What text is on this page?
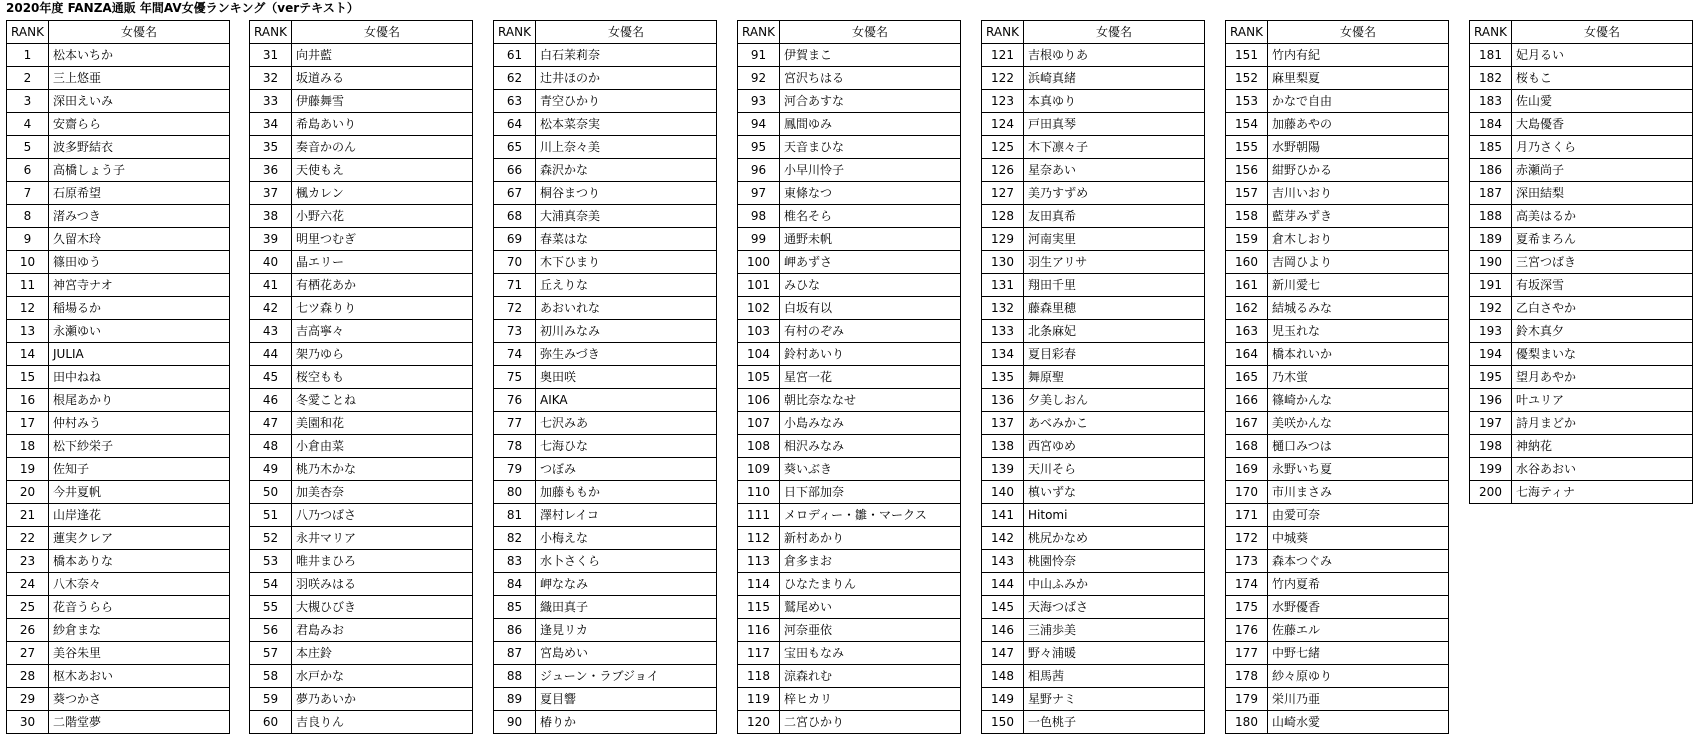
2020年度 FANZA通販 年間AV女優ランキング（verテキスト）
RANK	女優名
1	松本いちか
2	三上悠亜
3	深田えいみ
4	安齋らら
5	波多野結衣
6	高橋しょう子
7	石原希望
8	渚みつき
9	久留木玲
10	篠田ゆう
11	神宮寺ナオ
12	稲場るか
13	永瀬ゆい
14	JULIA
15	田中ねね
16	根尾あかり
17	仲村みう
18	松下紗栄子
19	佐知子
20	今井夏帆
21	山岸逢花
22	蓮実クレア
23	橋本ありな
24	八木奈々
25	花音うらら
26	紗倉まな
27	美谷朱里
28	枢木あおい
29	葵つかさ
30	二階堂夢
RANK	女優名
31	向井藍
32	坂道みる
33	伊藤舞雪
34	希島あいり
35	奏音かのん
36	天使もえ
37	楓カレン
38	小野六花
39	明里つむぎ
40	晶エリー
41	有栖花あか
42	七ツ森りり
43	吉高寧々
44	架乃ゆら
45	桜空もも
46	冬愛ことね
47	美園和花
48	小倉由菜
49	桃乃木かな
50	加美杏奈
51	八乃つばさ
52	永井マリア
53	唯井まひろ
54	羽咲みはる
55	大槻ひびき
56	君島みお
57	本庄鈴
58	水戸かな
59	夢乃あいか
60	吉良りん
RANK	女優名
61	白石茉莉奈
62	辻井ほのか
63	青空ひかり
64	松本菜奈実
65	川上奈々美
66	森沢かな
67	桐谷まつり
68	大浦真奈美
69	春菜はな
70	木下ひまり
71	丘えりな
72	あおいれな
73	初川みなみ
74	弥生みづき
75	奥田咲
76	AIKA
77	七沢みあ
78	七海ひな
79	つぼみ
80	加藤ももか
81	澤村レイコ
82	小梅えな
83	水卜さくら
84	岬ななみ
85	織田真子
86	逢見リカ
87	宮島めい
88	ジューン・ラブジョイ
89	夏目響
90	椿りか
RANK	女優名
91	伊賀まこ
92	宮沢ちはる
93	河合あすな
94	鳳間ゆみ
95	天音まひな
96	小早川怜子
97	東條なつ
98	椎名そら
99	通野未帆
100	岬あずさ
101	みひな
102	白坂有以
103	有村のぞみ
104	鈴村あいり
105	星宮一花
106	朝比奈ななせ
107	小島みなみ
108	相沢みなみ
109	葵いぶき
110	日下部加奈
111	メロディー・雛・マークス
112	新村あかり
113	倉多まお
114	ひなたまりん
115	鷲尾めい
116	河奈亜依
117	宝田もなみ
118	涼森れむ
119	梓ヒカリ
120	二宮ひかり
RANK	女優名
121	吉根ゆりあ
122	浜崎真緒
123	本真ゆり
124	戸田真琴
125	木下凛々子
126	星奈あい
127	美乃すずめ
128	友田真希
129	河南実里
130	羽生アリサ
131	翔田千里
132	藤森里穂
133	北条麻妃
134	夏目彩春
135	舞原聖
136	夕美しおん
137	あべみかこ
138	西宮ゆめ
139	天川そら
140	槙いずな
141	Hitomi
142	桃尻かなめ
143	桃園怜奈
144	中山ふみか
145	天海つばさ
146	三浦歩美
147	野々浦暖
148	相馬茜
149	星野ナミ
150	一色桃子
RANK	女優名
151	竹内有紀
152	麻里梨夏
153	かなで自由
154	加藤あやの
155	水野朝陽
156	紺野ひかる
157	吉川いおり
158	藍芽みずき
159	倉木しおり
160	吉岡ひより
161	新川愛七
162	結城るみな
163	児玉れな
164	橋本れいか
165	乃木蛍
166	篠崎かんな
167	美咲かんな
168	樋口みつは
169	永野いち夏
170	市川まさみ
171	由愛可奈
172	中城葵
173	森本つぐみ
174	竹内夏希
175	水野優香
176	佐藤エル
177	中野七緒
178	紗々原ゆり
179	栄川乃亜
180	山崎水愛
RANK	女優名
181	妃月るい
182	桜もこ
183	佐山愛
184	大島優香
185	月乃さくら
186	赤瀬尚子
187	深田結梨
188	高美はるか
189	夏希まろん
190	三宮つばき
191	有坂深雪
192	乙白さやか
193	鈴木真夕
194	優梨まいな
195	望月あやか
196	叶ユリア
197	詩月まどか
198	神納花
199	水谷あおい
200	七海ティナ
